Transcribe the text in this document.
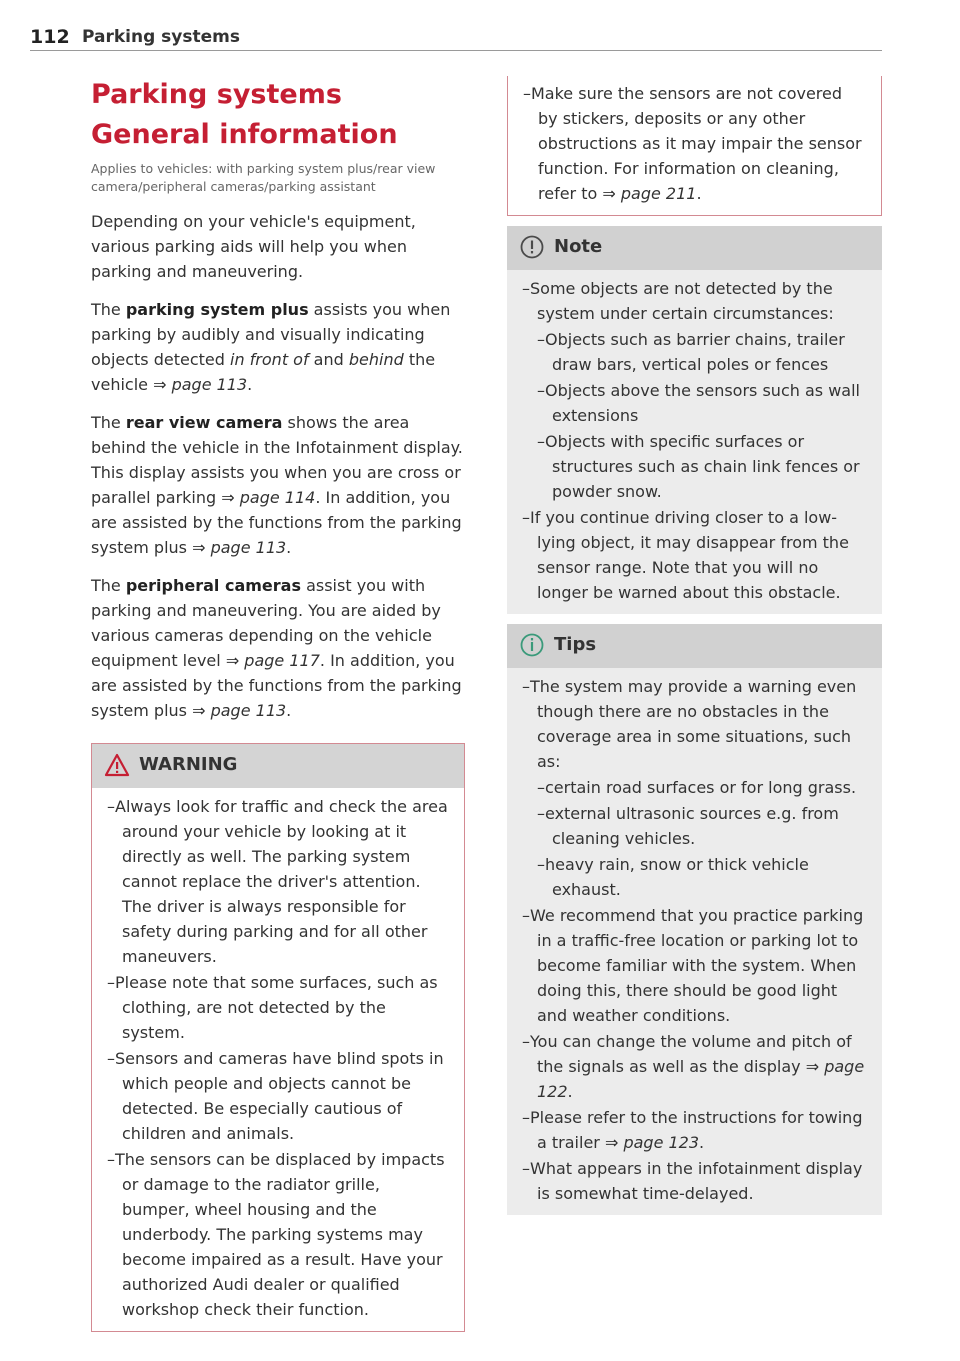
112 Parking systems
Parking systems
General information
Applies to vehicles: with parking system plus/rear view camera/peripheral cameras/parking assistant

Depending on your vehicle's equipment, various parking aids will help you when parking and maneuvering.

The parking system plus assists you when parking by audibly and visually indicating objects detected in front of and behind the vehicle ⇒ page 113.

The rear view camera shows the area behind the vehicle in the Infotainment display. This display assists you when you are cross or parallel parking ⇒ page 114. In addition, you are assisted by the functions from the parking system plus ⇒ page 113.

The peripheral cameras assist you with parking and maneuvering. You are aided by various cameras depending on the vehicle equipment level ⇒ page 117. In addition, you are assisted by the functions from the parking system plus ⇒ page 113.

WARNING
– Always look for traffic and check the area around your vehicle by looking at it directly as well. The parking system cannot replace the driver's attention. The driver is always responsible for safety during parking and for all other maneuvers.
– Please note that some surfaces, such as clothing, are not detected by the system.
– Sensors and cameras have blind spots in which people and objects cannot be detected. Be especially cautious of children and animals.
– The sensors can be displaced by impacts or damage to the radiator grille, bumper, wheel housing and the underbody. The parking systems may become impaired as a result. Have your authorized Audi dealer or qualified workshop check their function.
– Make sure the sensors are not covered by stickers, deposits or any other obstructions as it may impair the sensor function. For information on cleaning, refer to ⇒ page 211.
Note
– Some objects are not detected by the system under certain circumstances:
– Objects such as barrier chains, trailer draw bars, vertical poles or fences
– Objects above the sensors such as wall extensions
– Objects with specific surfaces or structures such as chain link fences or powder snow.
– If you continue driving closer to a low-lying object, it may disappear from the sensor range. Note that you will no longer be warned about this obstacle.
Tips
– The system may provide a warning even though there are no obstacles in the coverage area in some situations, such as:
– certain road surfaces or for long grass.
– external ultrasonic sources e.g. from cleaning vehicles.
– heavy rain, snow or thick vehicle exhaust.
– We recommend that you practice parking in a traffic-free location or parking lot to become familiar with the system. When doing this, there should be good light and weather conditions.
– You can change the volume and pitch of the signals as well as the display ⇒ page 122.
– Please refer to the instructions for towing a trailer ⇒ page 123.
– What appears in the infotainment display is somewhat time-delayed.
